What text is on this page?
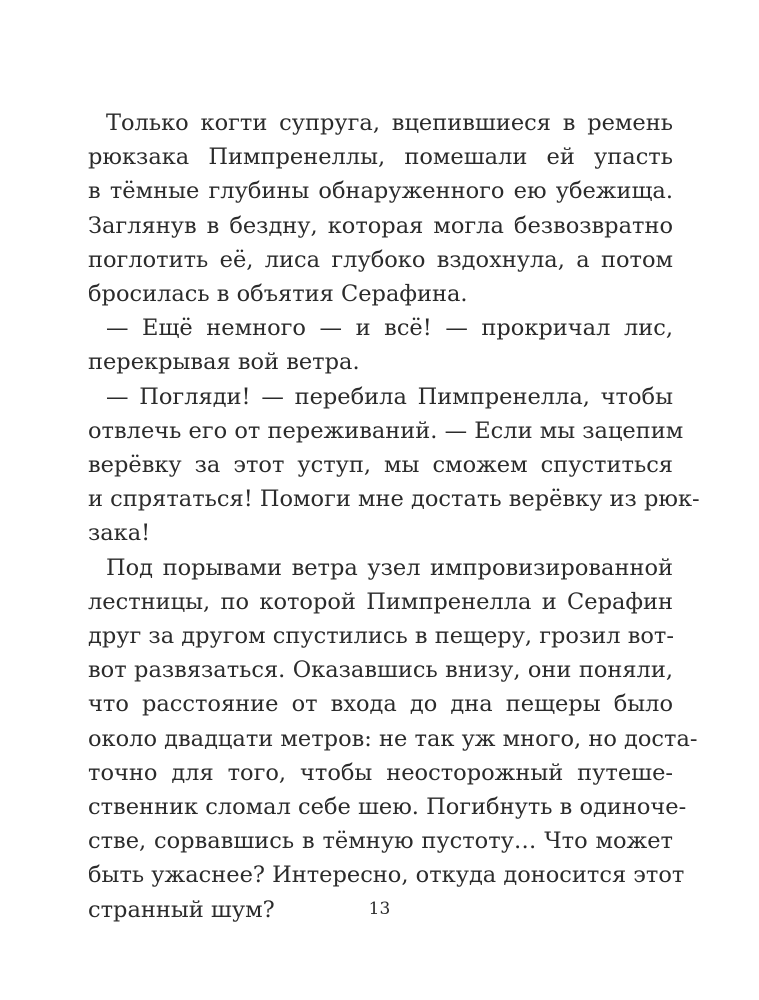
Только когти супруга, вцепившиеся в ремень
рюкзака Пимпренеллы, помешали ей упасть
в тёмные глубины обнаруженного ею убежища.
Заглянув в бездну, которая могла безвозвратно
поглотить её, лиса глубоко вздохнула, а потом
бросилась в объятия Серафина.
— Ещё немного — и всё! — прокричал лис,
перекрывая вой ветра.
— Погляди! — перебила Пимпренелла, чтобы
отвлечь его от переживаний. — Если мы зацепим
верёвку за этот уступ, мы сможем спуститься
и спрятаться! Помоги мне достать верёвку из рюк-
зака!
Под порывами ветра узел импровизированной
лестницы, по которой Пимпренелла и Серафин
друг за другом спустились в пещеру, грозил вот-
вот развязаться. Оказавшись внизу, они поняли,
что расстояние от входа до дна пещеры было
около двадцати метров: не так уж много, но доста-
точно для того, чтобы неосторожный путеше-
ственник сломал себе шею. Погибнуть в одиноче-
стве, сорвавшись в тёмную пустоту… Что может
быть ужаснее? Интересно, откуда доносится этот
странный шум?	13
